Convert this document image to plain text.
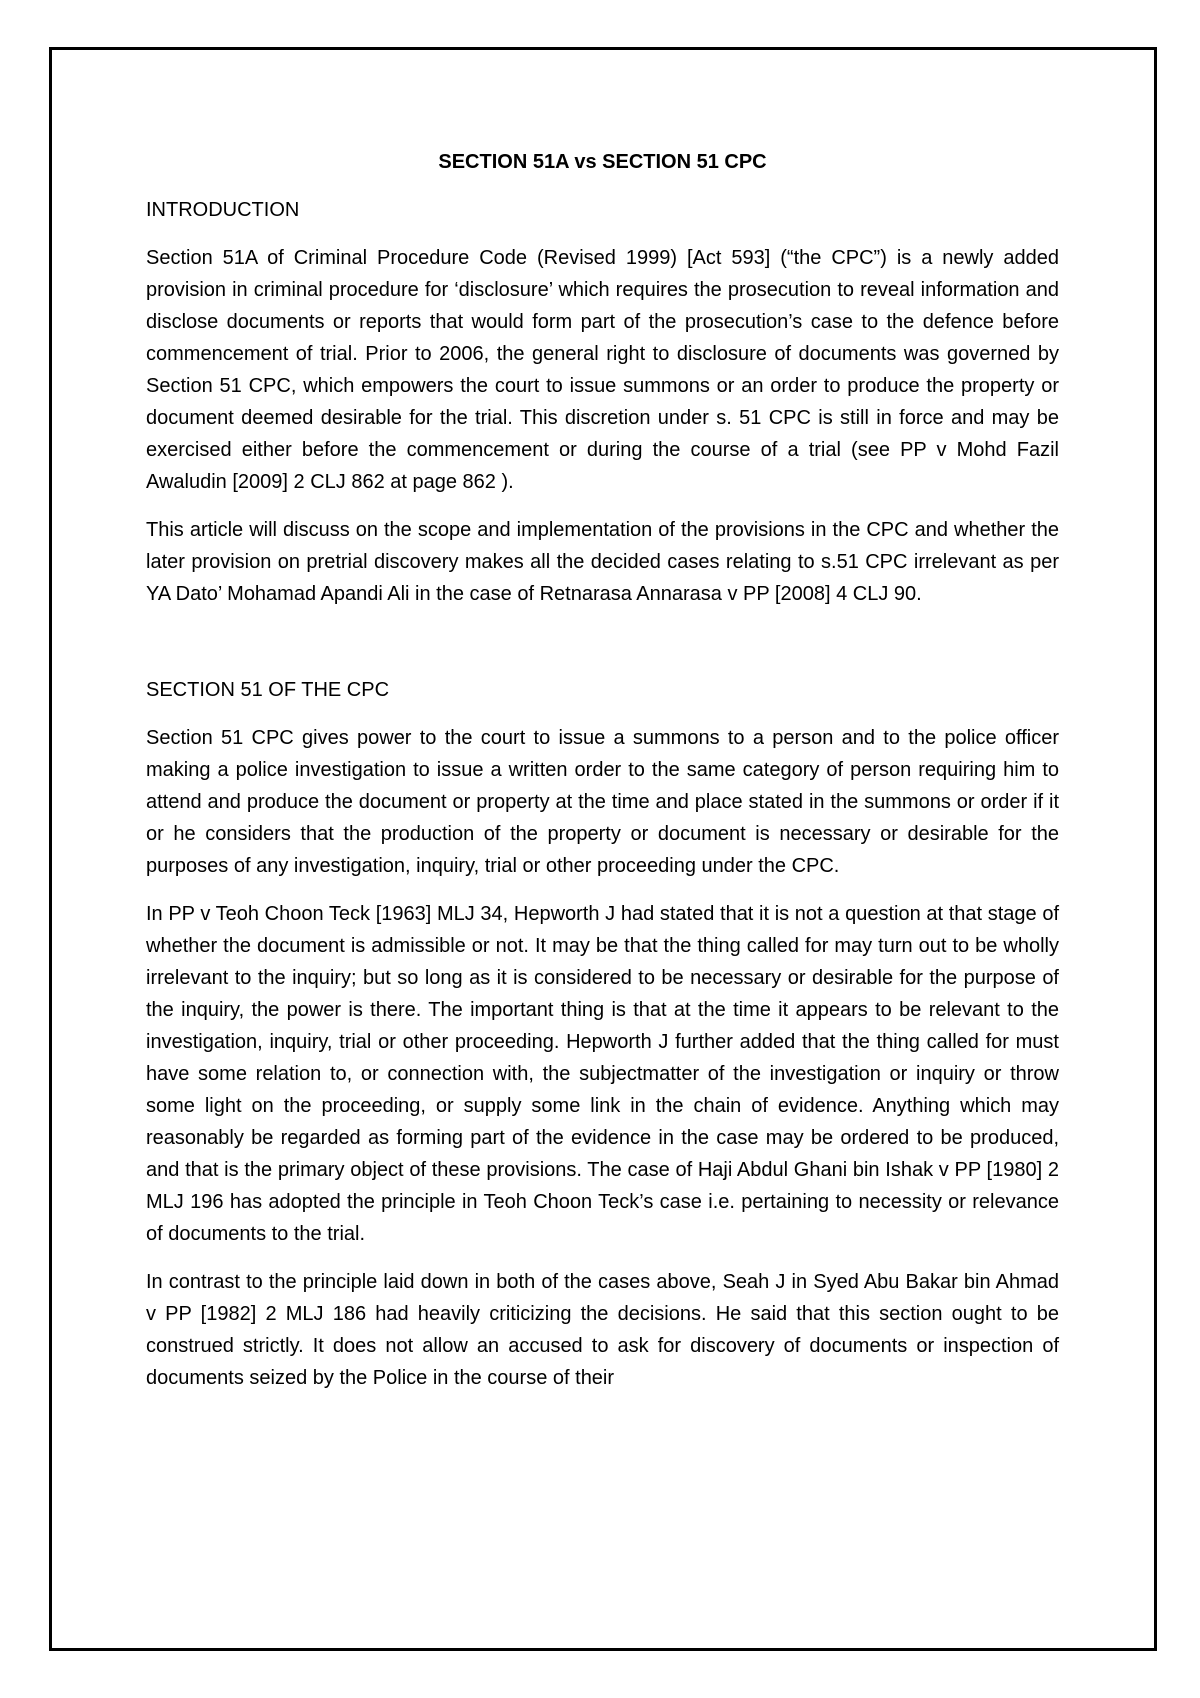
SECTION 51A vs SECTION 51 CPC
INTRODUCTION

Section 51A of Criminal Procedure Code (Revised 1999) [Act 593] (“the CPC”) is a newly added provision in criminal procedure for ‘disclosure’ which requires the prosecution to reveal information and disclose documents or reports that would form part of the prosecution’s case to the defence before commencement of trial. Prior to 2006, the general right to disclosure of documents was governed by Section 51 CPC, which empowers the court to issue summons or an order to produce the property or document deemed desirable for the trial. This discretion under s. 51 CPC is still in force and may be exercised either before the commencement or during the course of a trial (see PP v Mohd Fazil Awaludin [2009] 2 CLJ 862 at page 862 ).

This article will discuss on the scope and implementation of the provisions in the CPC and whether the later provision on pretrial discovery makes all the decided cases relating to s.51 CPC irrelevant as per YA Dato’ Mohamad Apandi Ali in the case of Retnarasa Annarasa v PP [2008] 4 CLJ 90.

SECTION 51 OF THE CPC

Section 51 CPC gives power to the court to issue a summons to a person and to the police officer making a police investigation to issue a written order to the same category of person requiring him to attend and produce the document or property at the time and place stated in the summons or order if it or he considers that the production of the property or document is necessary or desirable for the purposes of any investigation, inquiry, trial or other proceeding under the CPC.

In PP v Teoh Choon Teck [1963] MLJ 34, Hepworth J had stated that it is not a question at that stage of whether the document is admissible or not. It may be that the thing called for may turn out to be wholly irrelevant to the inquiry; but so long as it is considered to be necessary or desirable for the purpose of the inquiry, the power is there. The important thing is that at the time it appears to be relevant to the investigation, inquiry, trial or other proceeding. Hepworth J further added that the thing called for must have some relation to, or connection with, the subjectmatter of the investigation or inquiry or throw some light on the proceeding, or supply some link in the chain of evidence. Anything which may reasonably be regarded as forming part of the evidence in the case may be ordered to be produced, and that is the primary object of these provisions. The case of Haji Abdul Ghani bin Ishak v PP [1980] 2 MLJ 196 has adopted the principle in Teoh Choon Teck’s case i.e. pertaining to necessity or relevance of documents to the trial.

In contrast to the principle laid down in both of the cases above, Seah J in Syed Abu Bakar bin Ahmad v PP [1982] 2 MLJ 186 had heavily criticizing the decisions. He said that this section ought to be construed strictly. It does not allow an accused to ask for discovery of documents or inspection of documents seized by the Police in the course of their
